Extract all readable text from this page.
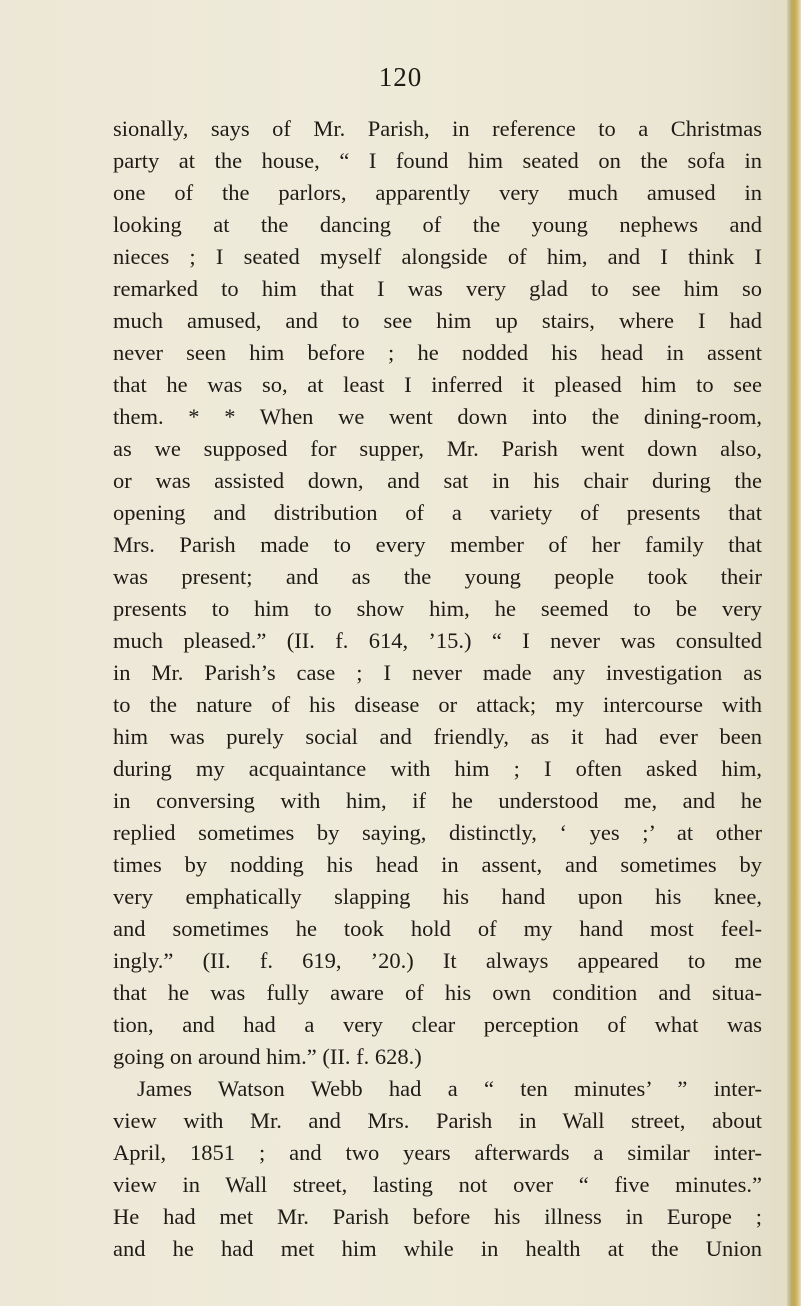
120
sionally, says of Mr. Parish, in reference to a Christmas
party at the house, “ I found him seated on the sofa in
one of the parlors, apparently very much amused in
looking at the dancing of the young nephews and
nieces ; I seated myself alongside of him, and I think I
remarked to him that I was very glad to see him so
much amused, and to see him up stairs, where I had
never seen him before ; he nodded his head in assent
that he was so, at least I inferred it pleased him to see
them. * * When we went down into the dining-room,
as we supposed for supper, Mr. Parish went down also,
or was assisted down, and sat in his chair during the
opening and distribution of a variety of presents that
Mrs. Parish made to every member of her family that
was present; and as the young people took their
presents to him to show him, he seemed to be very
much pleased.” (II. f. 614, ’15.) “ I never was consulted
in Mr. Parish’s case ; I never made any investigation as
to the nature of his disease or attack; my intercourse with
him was purely social and friendly, as it had ever been
during my acquaintance with him ; I often asked him,
in conversing with him, if he understood me, and he
replied sometimes by saying, distinctly, ‘ yes ;’ at other
times by nodding his head in assent, and sometimes by
very emphatically slapping his hand upon his knee,
and sometimes he took hold of my hand most feel-
ingly.” (II. f. 619, ’20.) It always appeared to me
that he was fully aware of his own condition and situa-
tion, and had a very clear perception of what was
going on around him.” (II. f. 628.)
James Watson Webb had a “ ten minutes’ ” inter-
view with Mr. and Mrs. Parish in Wall street, about
April, 1851 ; and two years afterwards a similar inter-
view in Wall street, lasting not over “ five minutes.”
He had met Mr. Parish before his illness in Europe ;
and he had met him while in health at the Union
